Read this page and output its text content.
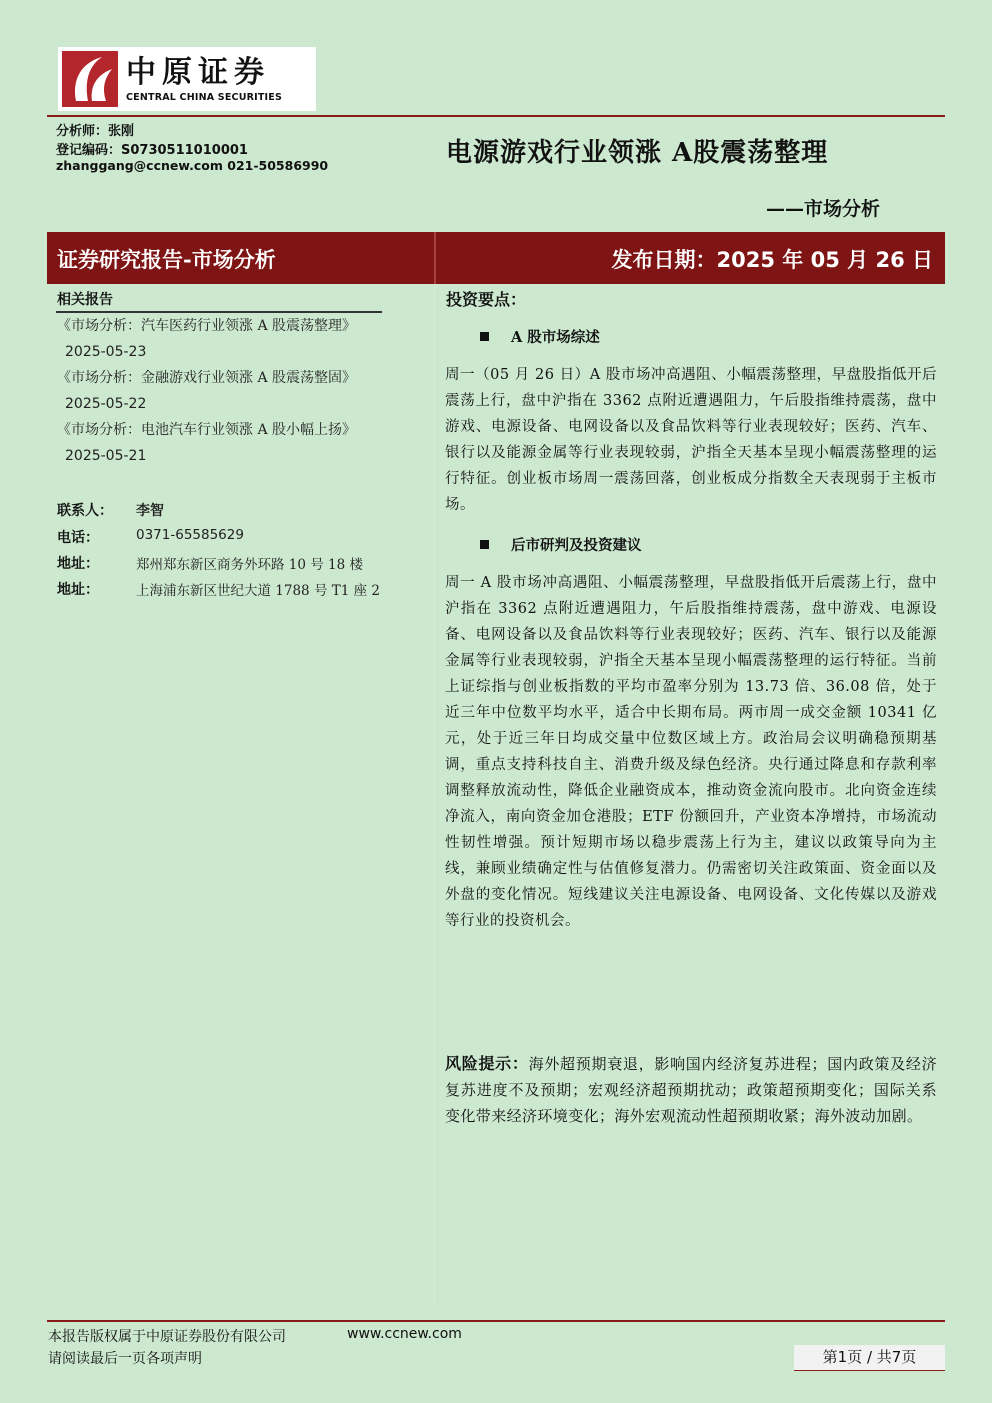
中原证券
CENTRAL CHINA SECURITIES
分析师：张刚
登记编码：S0730511010001
zhanggang@ccnew.com 021-50586990	电源游戏行业领涨 A股震荡整理
——市场分析
证券研究报告-市场分析	发布日期：2025 年 05 月 26 日
相关报告
《市场分析：汽车医药行业领涨 A 股震荡整理》2025-05-23
《市场分析：金融游戏行业领涨 A 股震荡整固》2025-05-22
《市场分析：电池汽车行业领涨 A 股小幅上扬》2025-05-21
联系人： 李智
电话：	0371-65585629
地址：	郑州郑东新区商务外环路 10 号 18 楼
地址：	上海浦东新区世纪大道 1788 号 T1 座 2
投资要点：
A 股市场综述
周一（05 月 26 日）A 股市场冲高遇阻、小幅震荡整理，早盘股指低开后震荡上行，盘中沪指在 3362 点附近遭遇阻力，午后股指维持震荡，盘中游戏、电源设备、电网设备以及食品饮料等行业表现较好；医药、汽车、银行以及能源金属等行业表现较弱，沪指全天基本呈现小幅震荡整理的运行特征。创业板市场周一震荡回落，创业板成分指数全天表现弱于主板市场。
后市研判及投资建议
周一 A 股市场冲高遇阻、小幅震荡整理，早盘股指低开后震荡上行，盘中沪指在 3362 点附近遭遇阻力，午后股指维持震荡，盘中游戏、电源设备、电网设备以及食品饮料等行业表现较好；医药、汽车、银行以及能源金属等行业表现较弱，沪指全天基本呈现小幅震荡整理的运行特征。当前上证综指与创业板指数的平均市盈率分别为 13.73 倍、36.08 倍，处于近三年中位数平均水平，适合中长期布局。两市周一成交金额 10341 亿元，处于近三年日均成交量中位数区域上方。政治局会议明确稳预期基调，重点支持科技自主、消费升级及绿色经济。央行通过降息和存款利率调整释放流动性，降低企业融资成本，推动资金流向股市。北向资金连续净流入，南向资金加仓港股；ETF 份额回升，产业资本净增持，市场流动性韧性增强。预计短期市场以稳步震荡上行为主，建议以政策导向为主线，兼顾业绩确定性与估值修复潜力。仍需密切关注政策面、资金面以及外盘的变化情况。短线建议关注电源设备、电网设备、文化传媒以及游戏等行业的投资机会。
风险提示：海外超预期衰退，影响国内经济复苏进程；国内政策及经济复苏进度不及预期；宏观经济超预期扰动；政策超预期变化；国际关系变化带来经济环境变化；海外宏观流动性超预期收紧；海外波动加剧。
本报告版权属于中原证券股份有限公司	www.ccnew.com
请阅读最后一页各项声明	第1页 / 共7页
